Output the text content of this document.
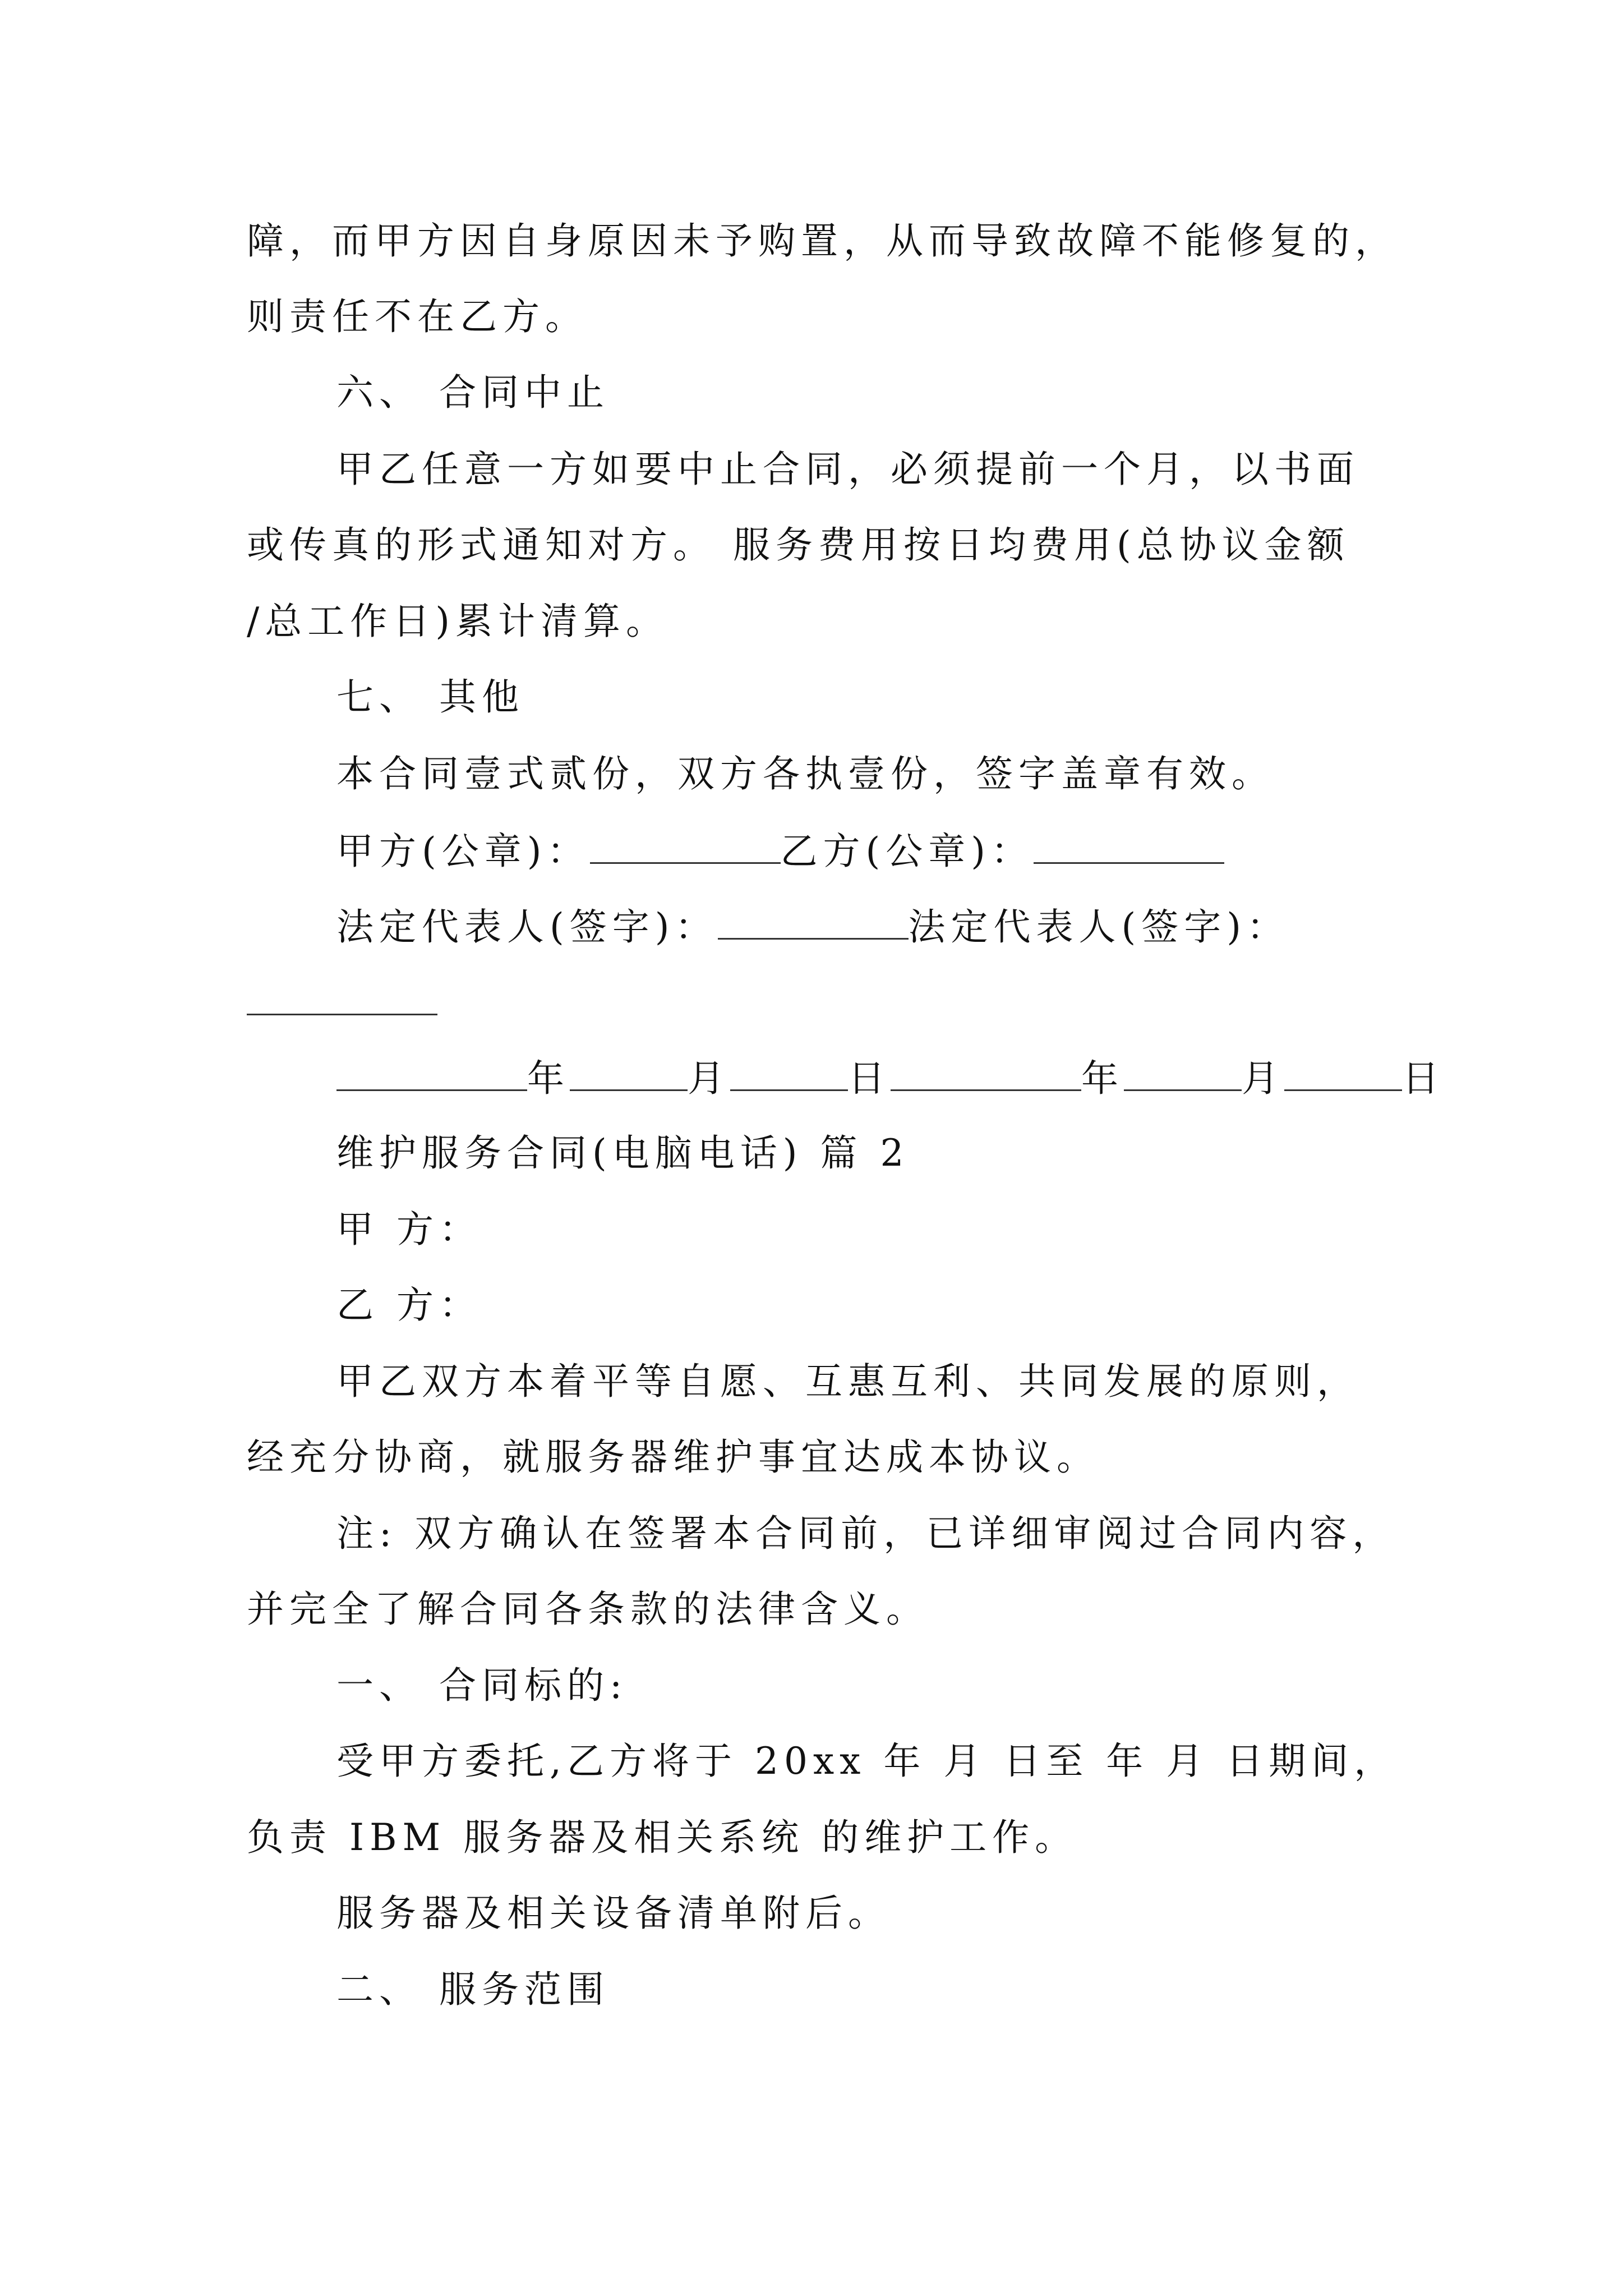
障，而甲方因自身原因未予购置，从而导致故障不能修复的，
则责任不在乙方。
六、 合同中止
甲乙任意一方如要中止合同，必须提前一个月，以书面
或传真的形式通知对方。 服务费用按日均费用(总协议金额
/总工作日)累计清算。
七、 其他
本合同壹式贰份，双方各执壹份，签字盖章有效。
甲方(公章)：	乙方(公章)：
法定代表人(签字)：	法定代表人(签字)：
年	月	日	年	月	日
维护服务合同(电脑电话) 篇 2
甲 方：
乙 方：
甲乙双方本着平等自愿、互惠互利、共同发展的原则，
经充分协商，就服务器维护事宜达成本协议。
注: 双方确认在签署本合同前，已详细审阅过合同内容，
并完全了解合同各条款的法律含义。
一、 合同标的:
受甲方委托,乙方将于 20xx 年 月 日至 年 月 日期间，
负责 IBM 服务器及相关系统 的维护工作。
服务器及相关设备清单附后。
二、 服务范围
